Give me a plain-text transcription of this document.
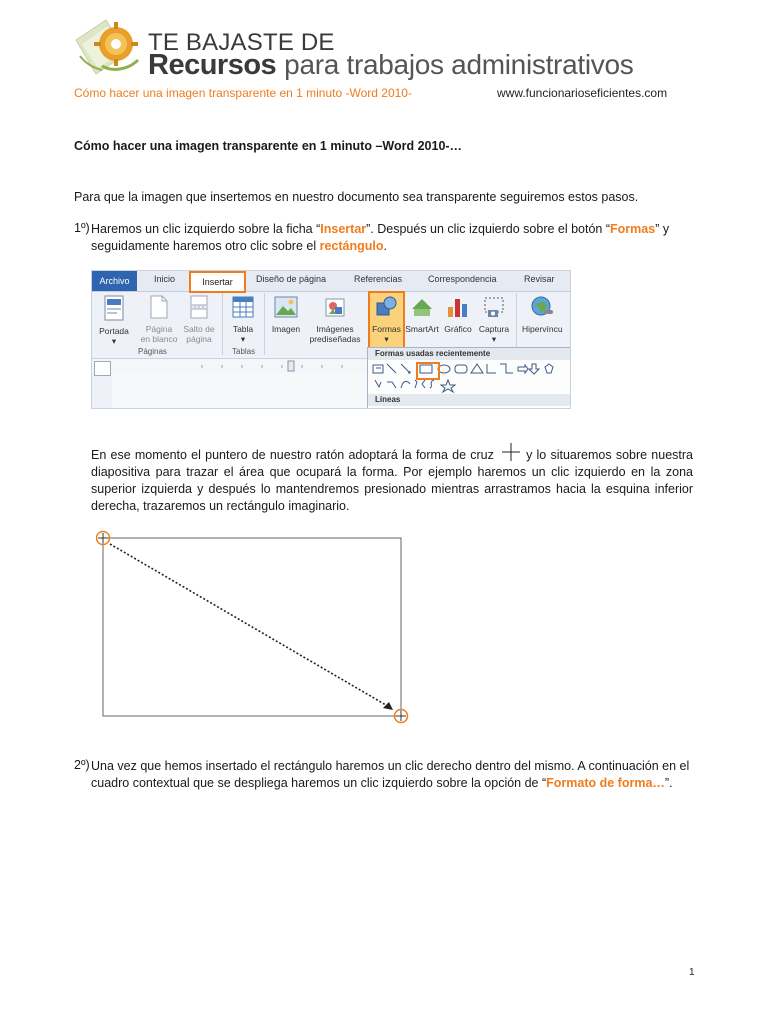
TE BAJASTE DE
Recursos para trabajos administrativos
Cómo hacer una imagen transparente en 1 minuto -Word 2010-	www.funcionarioseficientes.com
Cómo hacer una imagen transparente en 1 minuto –Word 2010-…
Para que la imagen que insertemos en nuestro documento sea transparente seguiremos estos pasos.
1º) Haremos un clic izquierdo sobre la ficha “Insertar”. Después un clic izquierdo sobre el botón “Formas” y seguidamente haremos otro clic sobre el rectángulo.
Archivo	Inicio	Insertar	Diseño de página	Referencias	Correspondencia	Revisar
Portada
▾
Página
en blanco
Salto de
página
Páginas
Tabla
▾
Tablas
Imagen	Imágenes
prediseñadas
Formas
▾
SmartArt Gráfico Captura
▾
Hipervíncu
Formas usadas recientemente
Líneas
En ese momento el puntero de nuestro ratón adoptará la forma de cruz y lo situaremos sobre nuestra diapositiva para trazar el área que ocupará la forma. Por ejemplo haremos un clic izquierdo en la zona superior izquierda y después lo mantendremos presionado mientras arrastramos hacia la esquina inferior derecha, trazaremos un rectángulo imaginario.
2º) Una vez que hemos insertado el rectángulo haremos un clic derecho dentro del mismo. A continuación en el cuadro contextual que se despliega haremos un clic izquierdo sobre la opción de “Formato de forma…”.
1
